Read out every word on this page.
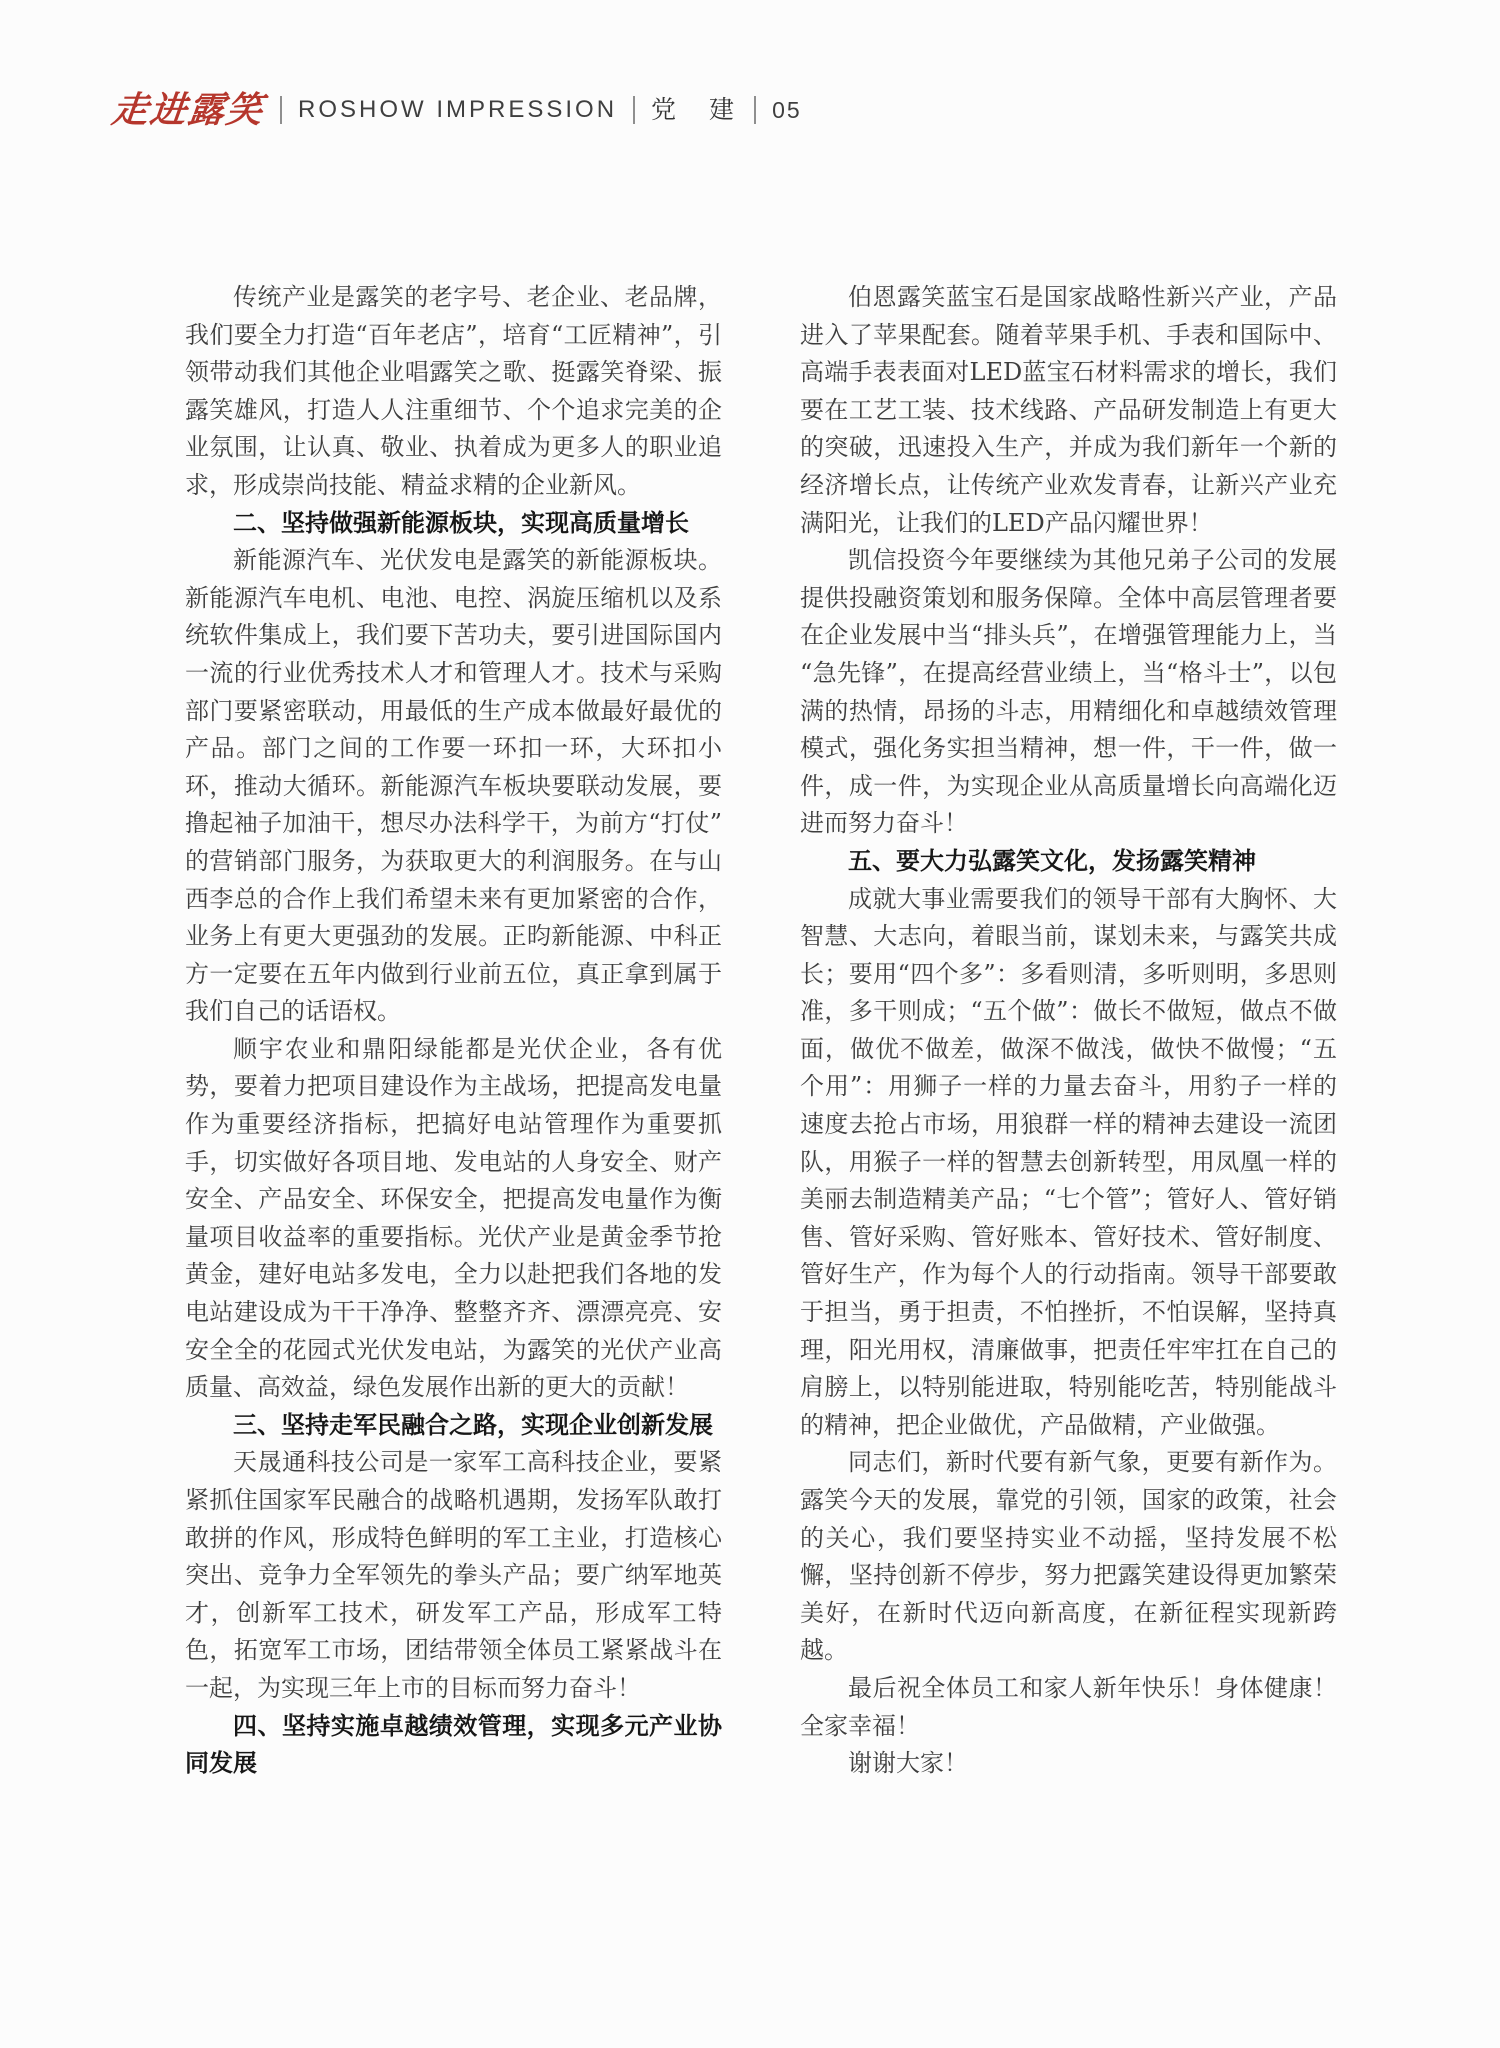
走进露笑 ROSHOW IMPRESSION 党　建 05

传统产业是露笑的老字号、老企业、老品牌，我们要全力打造“百年老店”，培育“工匠精神”，引领带动我们其他企业唱露笑之歌、挺露笑脊梁、振露笑雄风，打造人人注重细节、个个追求完美的企业氛围，让认真、敬业、执着成为更多人的职业追求，形成崇尚技能、精益求精的企业新风。

二、坚持做强新能源板块，实现高质量增长

新能源汽车、光伏发电是露笑的新能源板块。新能源汽车电机、电池、电控、涡旋压缩机以及系统软件集成上，我们要下苦功夫，要引进国际国内一流的行业优秀技术人才和管理人才。技术与采购部门要紧密联动，用最低的生产成本做最好最优的产品。部门之间的工作要一环扣一环，大环扣小环，推动大循环。新能源汽车板块要联动发展，要撸起袖子加油干，想尽办法科学干，为前方“打仗”的营销部门服务，为获取更大的利润服务。在与山西李总的合作上我们希望未来有更加紧密的合作，业务上有更大更强劲的发展。正昀新能源、中科正方一定要在五年内做到行业前五位，真正拿到属于我们自己的话语权。

顺宇农业和鼎阳绿能都是光伏企业，各有优势，要着力把项目建设作为主战场，把提高发电量作为重要经济指标，把搞好电站管理作为重要抓手，切实做好各项目地、发电站的人身安全、财产安全、产品安全、环保安全，把提高发电量作为衡量项目收益率的重要指标。光伏产业是黄金季节抢黄金，建好电站多发电，全力以赴把我们各地的发电站建设成为干干净净、整整齐齐、漂漂亮亮、安安全全的花园式光伏发电站，为露笑的光伏产业高质量、高效益，绿色发展作出新的更大的贡献！

三、坚持走军民融合之路，实现企业创新发展

天晟通科技公司是一家军工高科技企业，要紧紧抓住国家军民融合的战略机遇期，发扬军队敢打敢拼的作风，形成特色鲜明的军工主业，打造核心突出、竞争力全军领先的拳头产品；要广纳军地英才，创新军工技术，研发军工产品，形成军工特色，拓宽军工市场，团结带领全体员工紧紧战斗在一起，为实现三年上市的目标而努力奋斗！

四、坚持实施卓越绩效管理，实现多元产业协同发展

伯恩露笑蓝宝石是国家战略性新兴产业，产品进入了苹果配套。随着苹果手机、手表和国际中、高端手表表面对LED蓝宝石材料需求的增长，我们要在工艺工装、技术线路、产品研发制造上有更大的突破，迅速投入生产，并成为我们新年一个新的经济增长点，让传统产业欢发青春，让新兴产业充满阳光，让我们的LED产品闪耀世界！

凯信投资今年要继续为其他兄弟子公司的发展提供投融资策划和服务保障。全体中高层管理者要在企业发展中当“排头兵”，在增强管理能力上，当“急先锋”，在提高经营业绩上，当“格斗士”，以包满的热情，昂扬的斗志，用精细化和卓越绩效管理模式，强化务实担当精神，想一件，干一件，做一件，成一件，为实现企业从高质量增长向高端化迈进而努力奋斗！

五、要大力弘露笑文化，发扬露笑精神

成就大事业需要我们的领导干部有大胸怀、大智慧、大志向，着眼当前，谋划未来，与露笑共成长；要用“四个多”：多看则清，多听则明，多思则准，多干则成；“五个做”：做长不做短，做点不做面，做优不做差，做深不做浅，做快不做慢；“五个用”：用狮子一样的力量去奋斗，用豹子一样的速度去抢占市场，用狼群一样的精神去建设一流团队，用猴子一样的智慧去创新转型，用凤凰一样的美丽去制造精美产品；“七个管”；管好人、管好销售、管好采购、管好账本、管好技术、管好制度、管好生产，作为每个人的行动指南。领导干部要敢于担当，勇于担责，不怕挫折，不怕误解，坚持真理，阳光用权，清廉做事，把责任牢牢扛在自己的肩膀上，以特别能进取，特别能吃苦，特别能战斗的精神，把企业做优，产品做精，产业做强。

同志们，新时代要有新气象，更要有新作为。露笑今天的发展，靠党的引领，国家的政策，社会的关心，我们要坚持实业不动摇，坚持发展不松懈，坚持创新不停步，努力把露笑建设得更加繁荣美好，在新时代迈向新高度，在新征程实现新跨越。

最后祝全体员工和家人新年快乐！身体健康！全家幸福！

谢谢大家！
